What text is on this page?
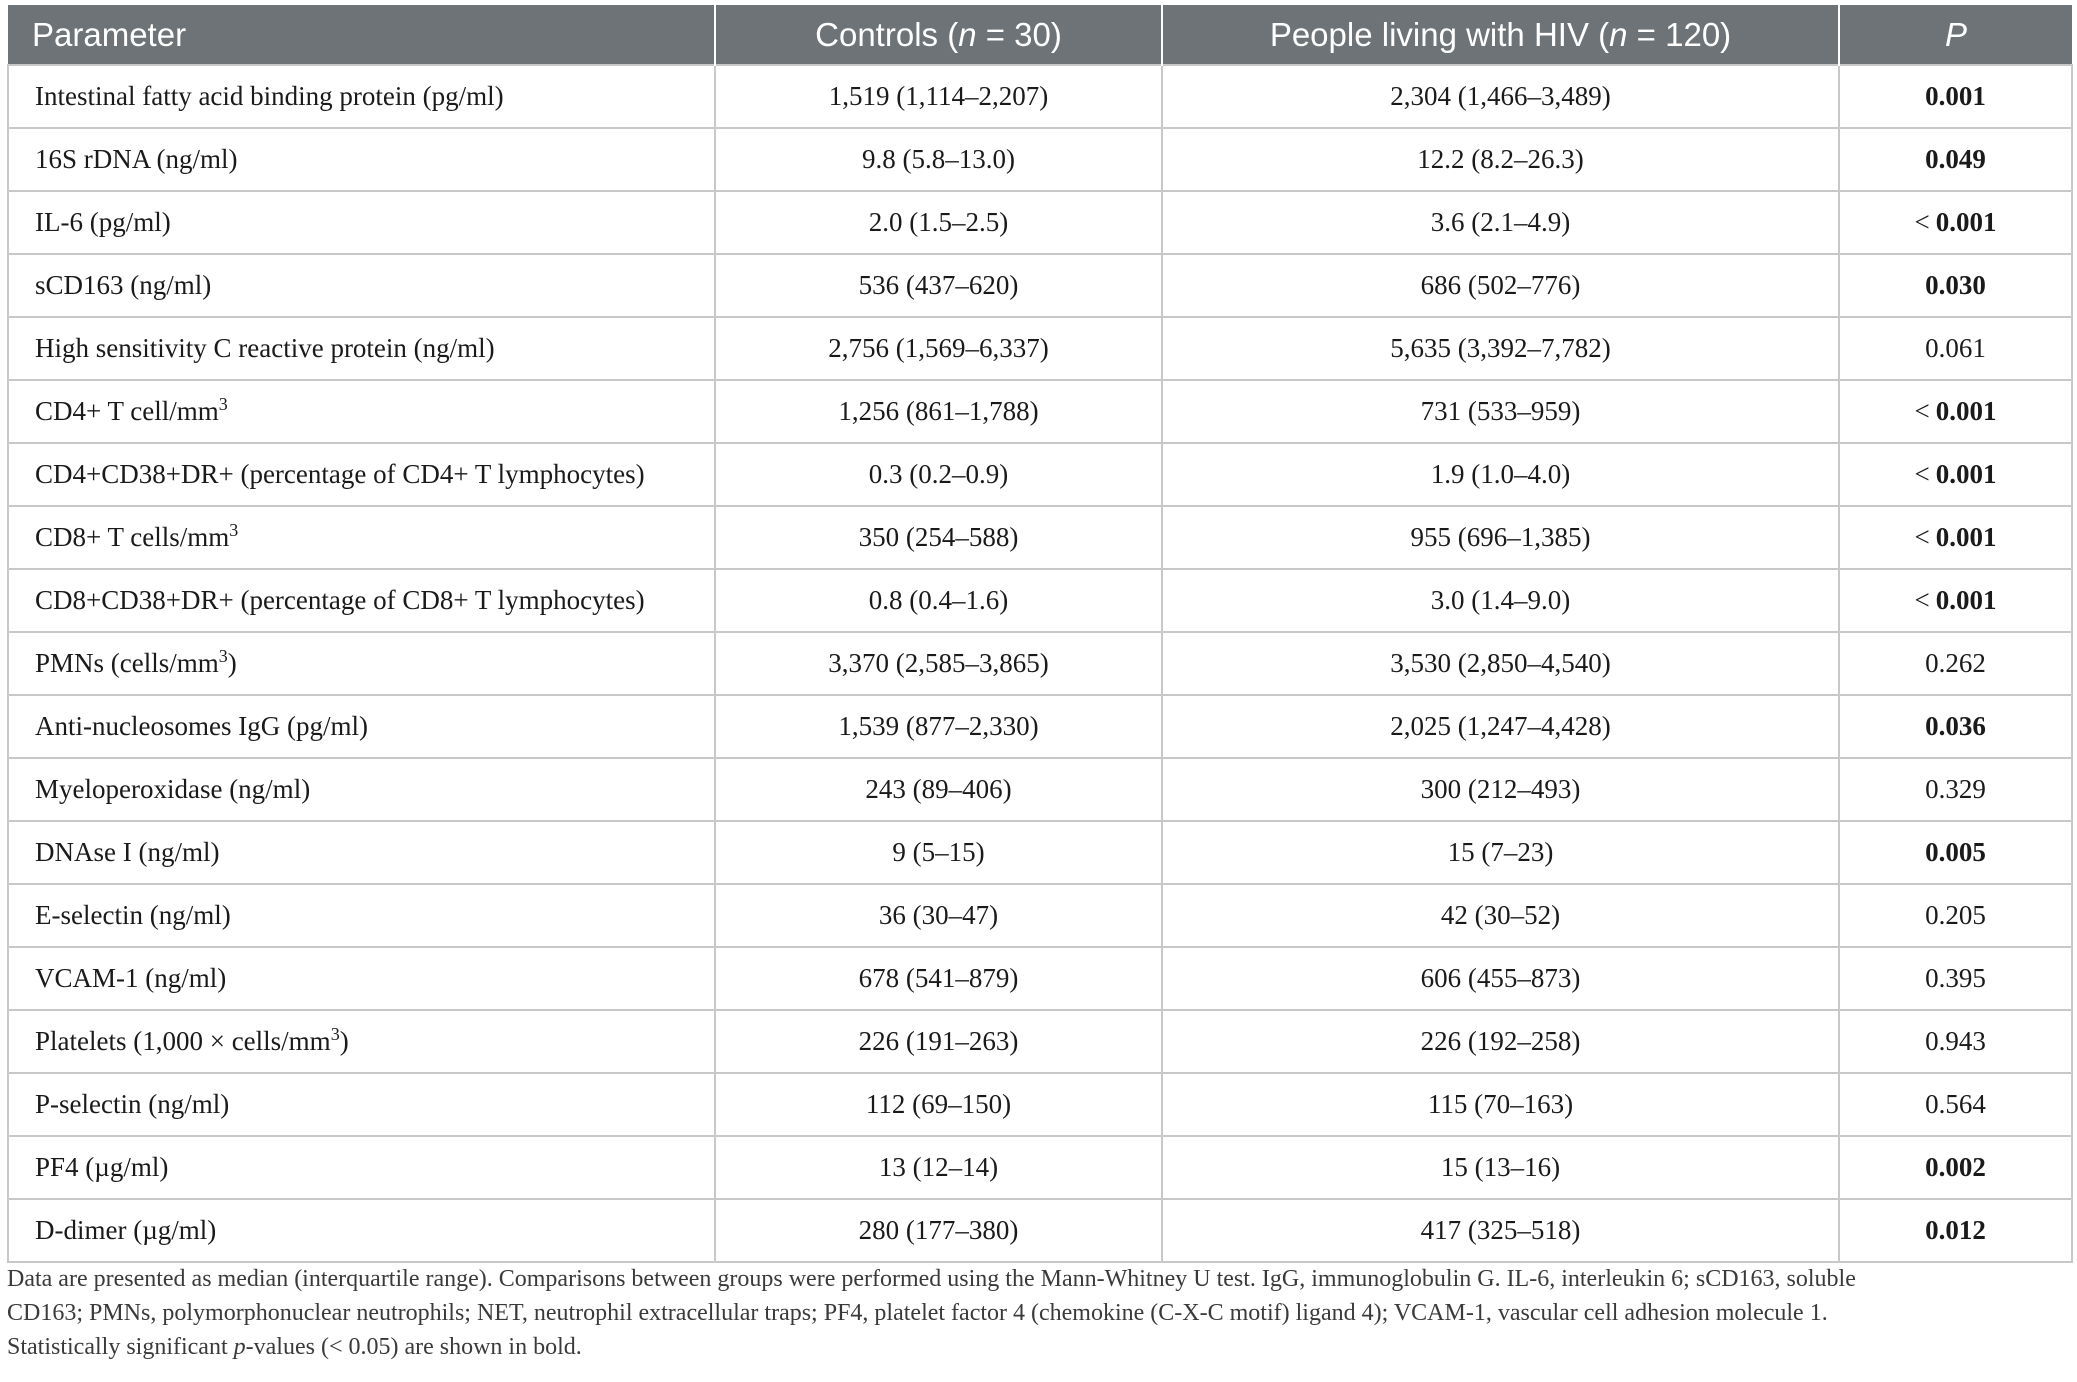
Parameter	Controls (n = 30)	People living with HIV (n = 120)	P
Intestinal fatty acid binding protein (pg/ml)	1,519 (1,114–2,207)	2,304 (1,466–3,489)	0.001
16S rDNA (ng/ml)	9.8 (5.8–13.0)	12.2 (8.2–26.3)	0.049
IL-6 (pg/ml)	2.0 (1.5–2.5)	3.6 (2.1–4.9)	< 0.001
sCD163 (ng/ml)	536 (437–620)	686 (502–776)	0.030
High sensitivity C reactive protein (ng/ml)	2,756 (1,569–6,337)	5,635 (3,392–7,782)	0.061
CD4+ T cell/$mm^3$	1,256 (861–1,788)	731 (533–959)	< 0.001
CD4+CD38+DR+ (percentage of CD4+ T lymphocytes)	0.3 (0.2–0.9)	1.9 (1.0–4.0)	< 0.001
CD8+ T cells/$mm^3$	350 (254–588)	955 (696–1,385)	< 0.001
CD8+CD38+DR+ (percentage of CD8+ T lymphocytes)	0.8 (0.4–1.6)	3.0 (1.4–9.0)	< 0.001
PMNs $(cells/mm^3)$	3,370 (2,585–3,865)	3,530 (2,850–4,540)	0.262
Anti-nucleosomes IgG (pg/ml)	1,539 (877–2,330)	2,025 (1,247–4,428)	0.036
Myeloperoxidase (ng/ml)	243 (89–406)	300 (212–493)	0.329
DNAse I (ng/ml)	9 (5–15)	15 (7–23)	0.005
E-selectin (ng/ml)	36 (30–47)	42 (30–52)	0.205
VCAM-1 (ng/ml)	678 (541–879)	606 (455–873)	0.395
Platelets (1,000 × cells/$mm^3$)	226 (191–263)	226 (192–258)	0.943
P-selectin (ng/ml)	112 (69–150)	115 (70–163)	0.564
PF4 (µg/ml)	13 (12–14)	15 (13–16)	0.002
D-dimer (µg/ml)	280 (177–380)	417 (325–518)	0.012

Data are presented as median (interquartile range). Comparisons between groups were performed using the Mann-Whitney U test. IgG, immunoglobulin G. IL-6, interleukin 6; sCD163, soluble

CD163; PMNs, polymorphonuclear neutrophils; NET, neutrophil extracellular traps; PF4, platelet factor 4 (chemokine (C-X-C motif) ligand 4); VCAM-1, vascular cell adhesion molecule 1.

Statistically significant p-values (< 0.05) are shown in bold.
